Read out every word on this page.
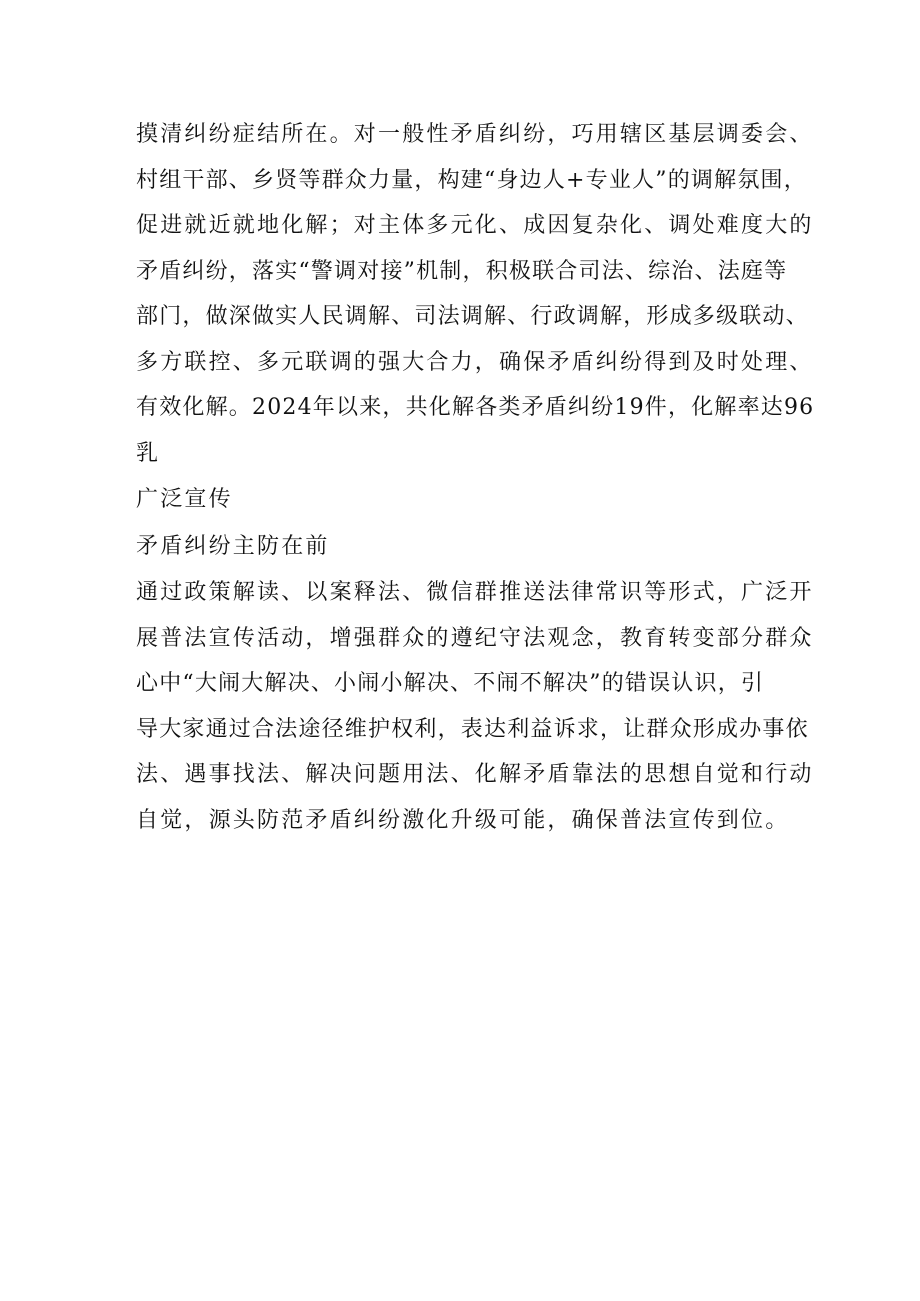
摸清纠纷症结所在。对一般性矛盾纠纷，巧用辖区基层调委会、
村组干部、乡贤等群众力量，构建“身边人+专业人”的调解氛围，
促进就近就地化解；对主体多元化、成因复杂化、调处难度大的
矛盾纠纷，落实“警调对接”机制，积极联合司法、综治、法庭等
部门，做深做实人民调解、司法调解、行政调解，形成多级联动、
多方联控、多元联调的强大合力，确保矛盾纠纷得到及时处理、
有效化解。2024年以来，共化解各类矛盾纠纷19件，化解率达96
乳
广泛宣传
矛盾纠纷主防在前
通过政策解读、以案释法、微信群推送法律常识等形式，广泛开
展普法宣传活动，增强群众的遵纪守法观念，教育转变部分群众
心中“大闹大解决、小闹小解决、不闹不解决”的错误认识，引
导大家通过合法途径维护权利，表达利益诉求，让群众形成办事依
法、遇事找法、解决问题用法、化解矛盾靠法的思想自觉和行动
自觉，源头防范矛盾纠纷激化升级可能，确保普法宣传到位。
